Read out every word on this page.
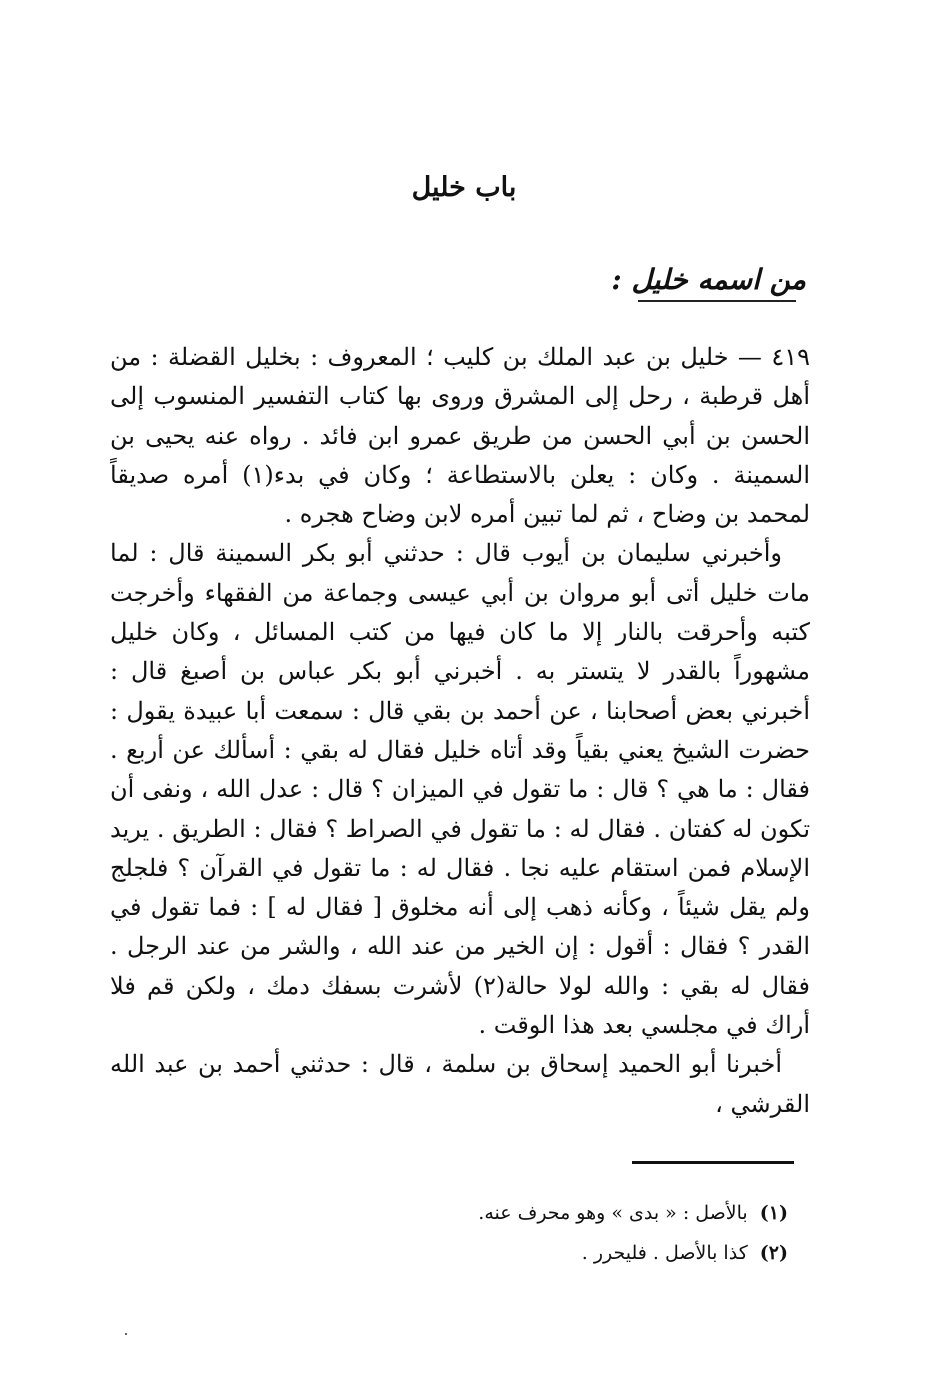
باب خليل
من اسمه خليل :

٤١٩ — خليل بن عبد الملك بن كليب ؛ المعروف : بخليل القضلة : من أهل قرطبة ، رحل إلى المشرق وروى بها كتاب التفسير المنسوب إلى الحسن بن أبي الحسن من طريق عمرو ابن فائد . رواه عنه يحيى بن السمينة . وكان : يعلن بالاستطاعة ؛ وكان في بدء(١) أمره صديقاً لمحمد بن وضاح ، ثم لما تبين أمره لابن وضاح هجره .

وأخبرني سليمان بن أيوب قال : حدثني أبو بكر السمينة قال : لما مات خليل أتى أبو مروان بن أبي عيسى وجماعة من الفقهاء وأخرجت كتبه وأحرقت بالنار إلا ما كان فيها من كتب المسائل ، وكان خليل مشهوراً بالقدر لا يتستر به . أخبرني أبو بكر عباس بن أصبغ قال : أخبرني بعض أصحابنا ، عن أحمد بن بقي قال : سمعت أبا عبيدة يقول : حضرت الشيخ يعني بقياً وقد أتاه خليل فقال له بقي : أسألك عن أربع . فقال : ما هي ؟ قال : ما تقول في الميزان ؟ قال : عدل الله ، ونفى أن تكون له كفتان . فقال له : ما تقول في الصراط ؟ فقال : الطريق . يريد الإسلام فمن استقام عليه نجا . فقال له : ما تقول في القرآن ؟ فلجلج ولم يقل شيئاً ، وكأنه ذهب إلى أنه مخلوق [ فقال له ] : فما تقول في القدر ؟ فقال : أقول : إن الخير من عند الله ، والشر من عند الرجل . فقال له بقي : والله لولا حالة(٢) لأشرت بسفك دمك ، ولكن قم فلا أراك في مجلسي بعد هذا الوقت .

أخبرنا أبو الحميد إسحاق بن سلمة ، قال : حدثني أحمد بن عبد الله القرشي ،

(١) بالأصل : « بدى » وهو محرف عنه.
(٢) كذا بالأصل . فليحرر .
